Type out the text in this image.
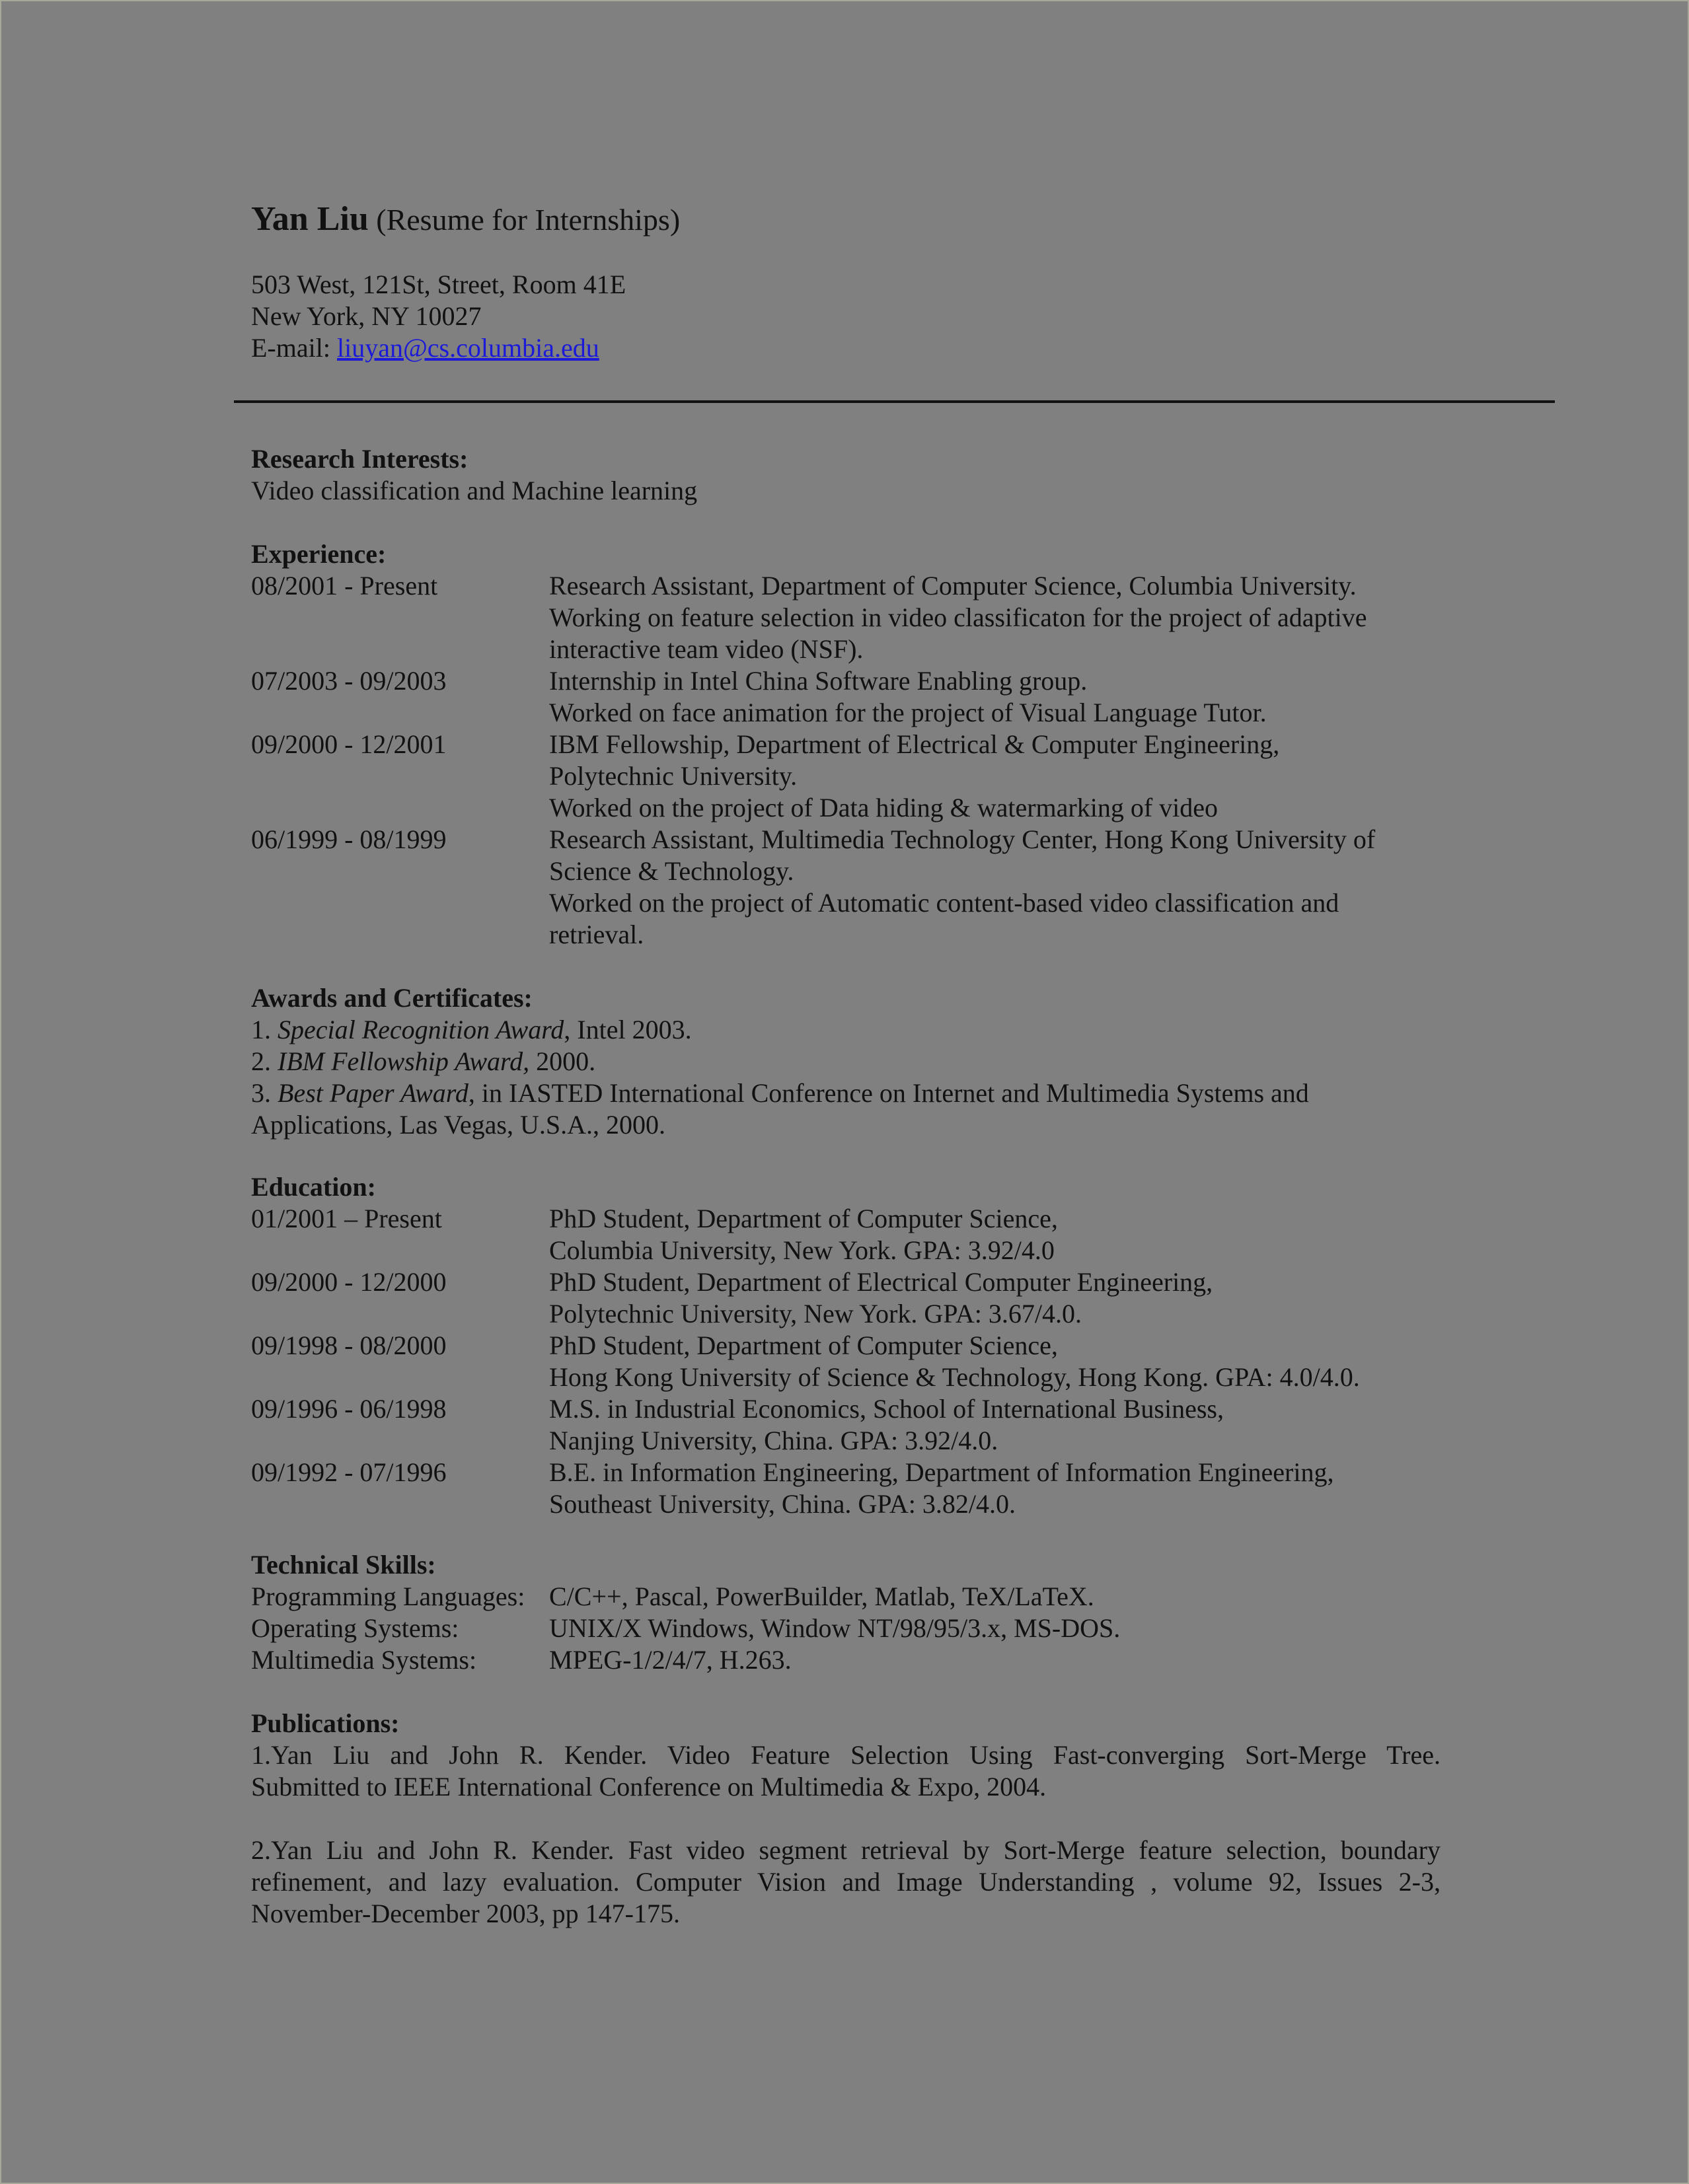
Yan Liu (Resume for Internships)
503 West, 121St, Street, Room 41E
New York, NY 10027
E-mail: liuyan@cs.columbia.edu
Research Interests:
Video classification and Machine learning
Experience:
08/2001 - Present	Research Assistant, Department of Computer Science, Columbia University.
Working on feature selection in video classificaton for the project of adaptive
interactive team video (NSF).
07/2003 - 09/2003	Internship in Intel China Software Enabling group.
Worked on face animation for the project of Visual Language Tutor.
09/2000 - 12/2001	IBM Fellowship, Department of Electrical & Computer Engineering,
Polytechnic University.
Worked on the project of Data hiding & watermarking of video
06/1999 - 08/1999	Research Assistant, Multimedia Technology Center, Hong Kong University of
Science & Technology.
Worked on the project of Automatic content-based video classification and
retrieval.
Awards and Certificates:
1. Special Recognition Award, Intel 2003.
2. IBM Fellowship Award, 2000.
3. Best Paper Award, in IASTED International Conference on Internet and Multimedia Systems and
Applications, Las Vegas, U.S.A., 2000.
Education:
01/2001 – Present	PhD Student, Department of Computer Science,
Columbia University, New York. GPA: 3.92/4.0
09/2000 - 12/2000	PhD Student, Department of Electrical Computer Engineering,
Polytechnic University, New York. GPA: 3.67/4.0.
09/1998 - 08/2000	PhD Student, Department of Computer Science,
Hong Kong University of Science & Technology, Hong Kong. GPA: 4.0/4.0.
09/1996 - 06/1998	M.S. in Industrial Economics, School of International Business,
Nanjing University, China. GPA: 3.92/4.0.
09/1992 - 07/1996	B.E. in Information Engineering, Department of Information Engineering,
Southeast University, China. GPA: 3.82/4.0.
Technical Skills:
Programming Languages: C/C++, Pascal, PowerBuilder, Matlab, TeX/LaTeX.
Operating Systems:	UNIX/X Windows, Window NT/98/95/3.x, MS-DOS.
Multimedia Systems:	MPEG-1/2/4/7, H.263.
Publications:
1.Yan Liu and John R. Kender. Video Feature Selection Using Fast-converging Sort-Merge Tree.
Submitted to IEEE International Conference on Multimedia & Expo, 2004.
2.Yan Liu and John R. Kender. Fast video segment retrieval by Sort-Merge feature selection, boundary
refinement, and lazy evaluation. Computer Vision and Image Understanding , volume 92, Issues 2-3,
November-December 2003, pp 147-175.
